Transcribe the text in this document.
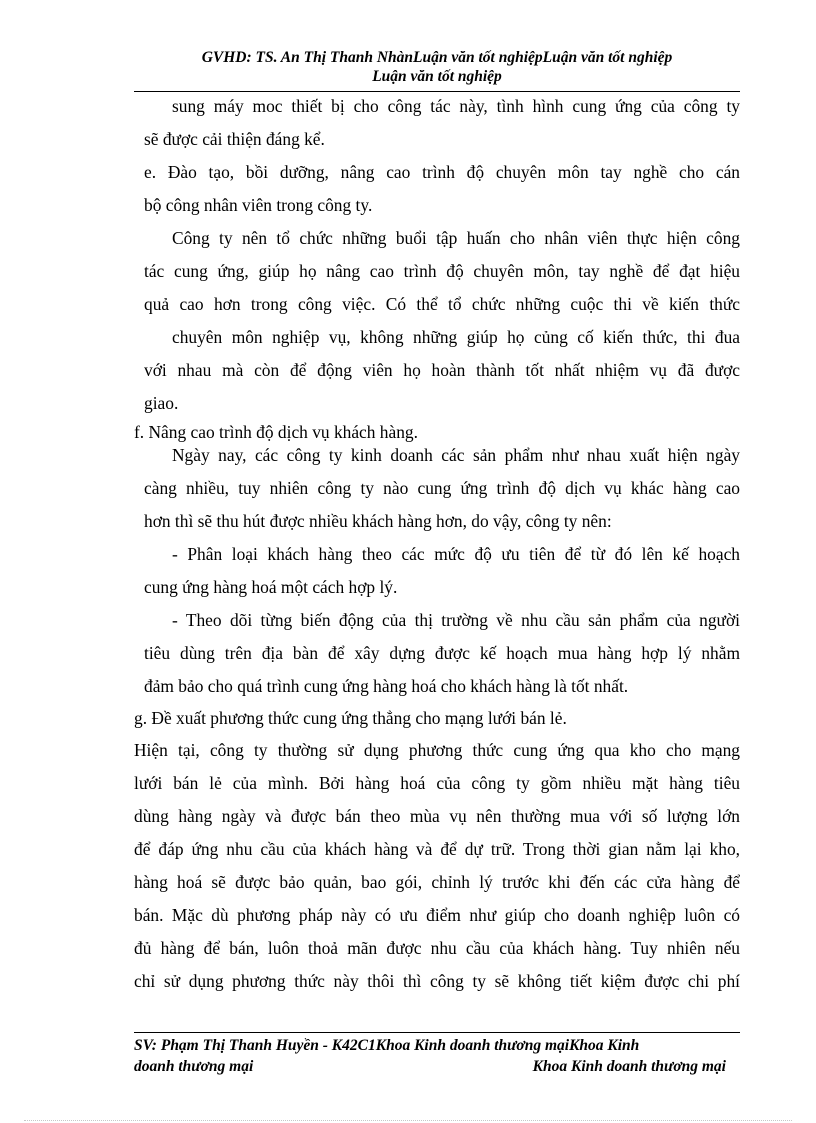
GVHD: TS. An Thị Thanh NhànLuận văn tốt nghiệpLuận văn tốt nghiệp
Luận văn tốt nghiệp
sung máy moc thiết bị cho công tác này, tình hình cung ứng của công ty
sẽ được cải thiện đáng kể.
e. Đào tạo, bồi dưỡng, nâng cao trình độ chuyên môn tay nghề cho cán
bộ công nhân viên trong công ty.
Công ty nên tổ chức những buổi tập huấn cho nhân viên thực hiện công
tác cung ứng, giúp họ nâng cao trình độ chuyên môn, tay nghề để đạt hiệu
quả cao hơn trong công việc. Có thể tổ chức những cuộc thi về kiến thức
chuyên môn nghiệp vụ, không những giúp họ củng cố kiến thức, thi đua
với nhau mà còn để động viên họ hoàn thành tốt nhất nhiệm vụ đã được
giao.
f. Nâng cao trình độ dịch vụ khách hàng.
Ngày nay, các công ty kinh doanh các sản phẩm như nhau xuất hiện ngày
càng nhiều, tuy nhiên công ty nào cung ứng trình độ dịch vụ khác hàng cao
hơn thì sẽ thu hút được nhiều khách hàng hơn, do vậy, công ty nên:
- Phân loại khách hàng theo các mức độ ưu tiên để từ đó lên kế hoạch
cung ứng hàng hoá một cách hợp lý.
- Theo dõi từng biến động của thị trường về nhu cầu sản phẩm của người
tiêu dùng trên địa bàn để xây dựng được kế hoạch mua hàng hợp lý nhằm
đảm bảo cho quá trình cung ứng hàng hoá cho khách hàng là tốt nhất.
g. Đề xuất phương thức cung ứng thẳng cho mạng lưới bán lẻ.
Hiện tại, công ty thường sử dụng phương thức cung ứng qua kho cho mạng
lưới bán lẻ của mình. Bởi hàng hoá của công ty gồm nhiều mặt hàng tiêu
dùng hàng ngày và được bán theo mùa vụ nên thường mua với số lượng lớn
để đáp ứng nhu cầu của khách hàng và để dự trữ. Trong thời gian nằm lại kho,
hàng hoá sẽ được bảo quản, bao gói, chỉnh lý trước khi đến các cửa hàng để
bán. Mặc dù phương pháp này có ưu điểm như giúp cho doanh nghiệp luôn có
đủ hàng để bán, luôn thoả mãn được nhu cầu của khách hàng. Tuy nhiên nếu
chỉ sử dụng phương thức này thôi thì công ty sẽ không tiết kiệm được chi phí
SV: Phạm Thị Thanh Huyền - K42C1Khoa Kinh doanh thương mạiKhoa Kinh
doanh thương mại	Khoa Kinh doanh thương mại
